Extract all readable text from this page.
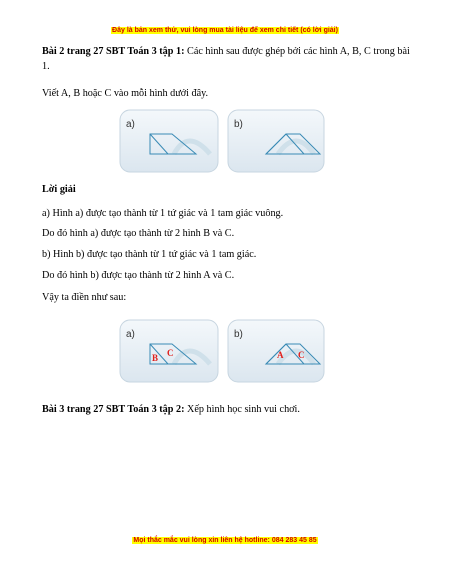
Đây là bản xem thử, vui lòng mua tài liệu để xem chi tiết (có lời giải)
Bài 2 trang 27 SBT Toán 3 tập 1: Các hình sau được ghép bởi các hình A, B, C trong bài 1.
Viết A, B hoặc C vào mỗi hình dưới đây.
a)	b)
Lời giải
a) Hình a) được tạo thành từ 1 tứ giác và 1 tam giác vuông.
Do đó hình a) được tạo thành từ 2 hình B và C.
b) Hình b) được tạo thành từ 1 tứ giác và 1 tam giác.
Do đó hình b) được tạo thành từ 2 hình A và C.
Vậy ta điền như sau:
a)	b)
B C	A C
Bài 3 trang 27 SBT Toán 3 tập 2: Xếp hình học sinh vui chơi.
Mọi thắc mắc vui lòng xin liên hệ hotline: 084 283 45 85
